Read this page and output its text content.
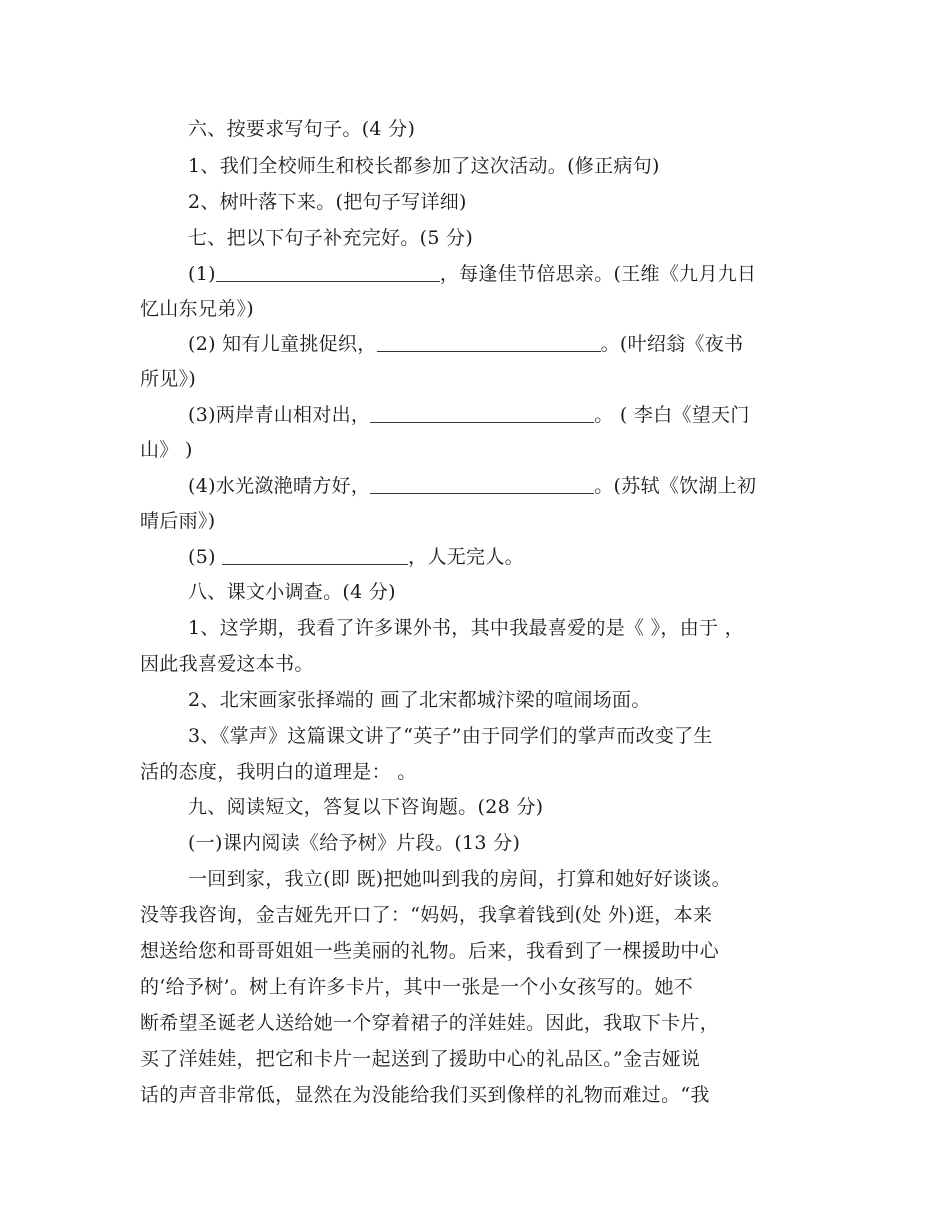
六、按要求写句子。(4 分)
1、我们全校师生和校长都参加了这次活动。(修正病句)
2、树叶落下来。(把句子写详细)
七、把以下句子补充完好。(5 分)
(1)	，每逢佳节倍思亲。(王维《九月九日
忆山东兄弟》)
(2) 知有儿童挑促织，	。(叶绍翁《夜书
所见》)
(3)两岸青山相对出，	。 ( 李白《望天门
山》 )
(4)水光潋滟晴方好，	。(苏轼《饮湖上初
晴后雨》)
(5)	，人无完人。
八、课文小调查。(4 分)
1、这学期，我看了许多课外书，其中我最喜爱的是《 》，由于 ，
因此我喜爱这本书。
2、北宋画家张择端的 画了北宋都城汴梁的喧闹场面。
3、《掌声》这篇课文讲了“英子”由于同学们的掌声而改变了生
活的态度，我明白的道理是： 。
九、阅读短文，答复以下咨询题。(28 分)
(一)课内阅读《给予树》片段。(13 分)
一回到家，我立(即 既)把她叫到我的房间，打算和她好好谈谈。
没等我咨询，金吉娅先开口了：“妈妈，我拿着钱到(处 外)逛，本来
想送给您和哥哥姐姐一些美丽的礼物。后来，我看到了一棵援助中心
的‘给予树’。树上有许多卡片，其中一张是一个小女孩写的。她不
断希望圣诞老人送给她一个穿着裙子的洋娃娃。因此，我取下卡片，
买了洋娃娃，把它和卡片一起送到了援助中心的礼品区。”金吉娅说
话的声音非常低，显然在为没能给我们买到像样的礼物而难过。“我
